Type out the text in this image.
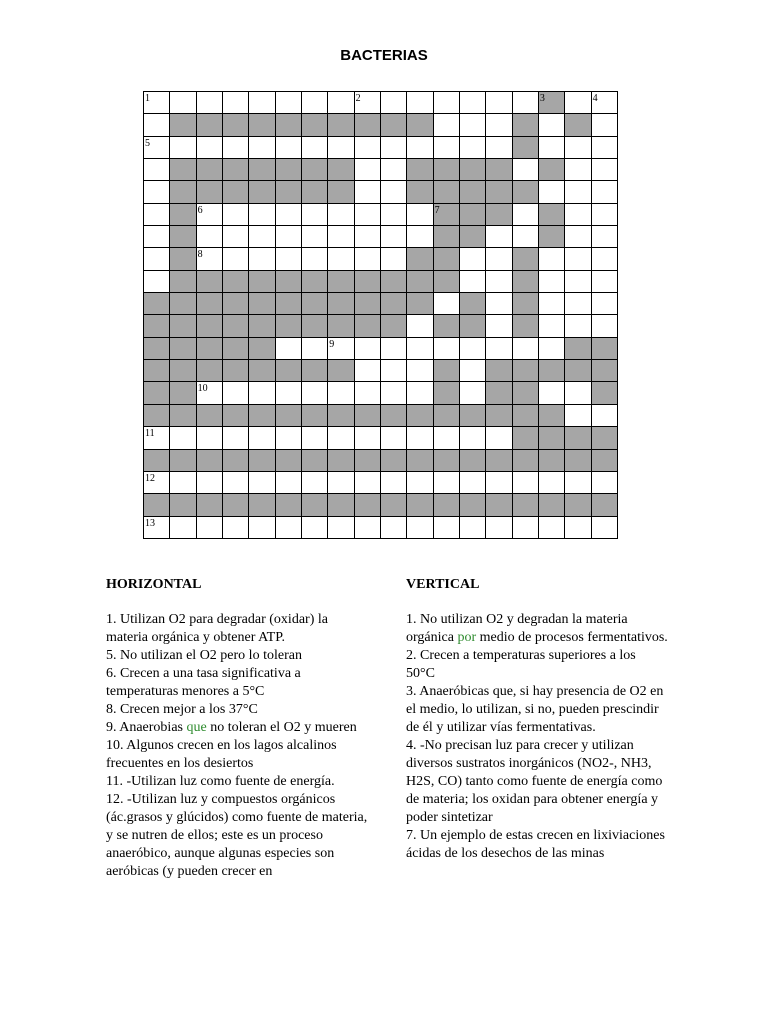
BACTERIAS
1	2	3	4
5
6	7
8
9
10
11
12
13
HORIZONTAL

1. Utilizan O2 para degradar (oxidar) la materia orgánica y obtener ATP.

5. No utilizan el O2 pero lo toleran

6. Crecen a una tasa significativa a temperaturas menores a 5°C

8. Crecen mejor a los 37°C

9. Anaerobias que no toleran el O2 y mueren

10. Algunos crecen en los lagos alcalinos frecuentes en los desiertos

11. -Utilizan luz como fuente de energía.

12. -Utilizan luz y compuestos orgánicos (ác.grasos y glúcidos) como fuente de materia, y se nutren de ellos; este es un proceso anaeróbico, aunque algunas especies son aeróbicas (y pueden crecer en

VERTICAL

1. No utilizan O2 y degradan la materia orgánica por medio de procesos fermentativos.

2. Crecen a temperaturas superiores a los 50°C

3. Anaeróbicas que, si hay presencia de O2 en el medio, lo utilizan, si no, pueden prescindir de él y utilizar vías fermentativas.

4. -No precisan luz para crecer y utilizan diversos sustratos inorgánicos (NO2-, NH3, H2S, CO) tanto como fuente de energía como de materia; los oxidan para obtener energía y poder sintetizar

7. Un ejemplo de estas crecen en lixiviaciones ácidas de los desechos de las minas
